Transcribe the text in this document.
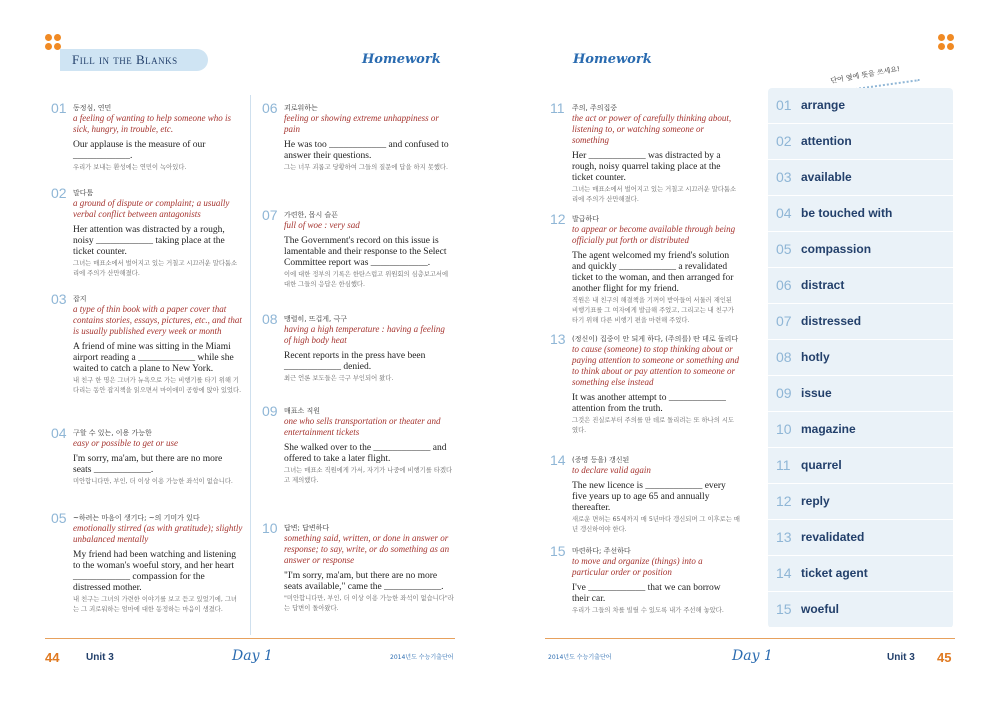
Fill in the Blanks	Homework
01 동정심, 연민
a feeling of wanting to help someone who is sick, hungry, in trouble, etc.
Our applause is the measure of our ____________.
우리가 보내는 환성에는 연민이 녹아있다.
02 말다툼
a ground of dispute or complaint; a usually verbal conflict between antagonists
Her attention was distracted by a rough, noisy ____________ taking place at the ticket counter.
그녀는 매표소에서 벌어지고 있는 거칠고 시끄러운 말다툼소리에 주의가 산만해졌다.
03 잡지
a type of thin book with a paper cover that contains stories, essays, pictures, etc., and that is usually published every week or month
A friend of mine was sitting in the Miami airport reading a ____________ while she waited to catch a plane to New York.
내 친구 한 명은 그녀가 뉴욕으로 가는 비행기를 타기 위해 기다리는 동안 잡지책을 읽으면서 마이애미 공항에 앉아 있었다.
04 구할 수 있는, 이용 가능한
easy or possible to get or use
I'm sorry, ma'am, but there are no more seats ____________.
미안합니다만, 부인, 더 이상 이용 가능한 좌석이 없습니다.
05 ~하려는 마음이 생기다; ~의 기미가 있다
emotionally stirred (as with gratitude); slightly unbalanced mentally
My friend had been watching and listening to the woman's woeful story, and her heart ____________ compassion for the distressed mother.
내 친구는 그녀의 가련한 이야기를 보고 듣고 있었기에, 그녀는 그 괴로워하는 엄마에 대한 동정하는 마음이 생겼다.
06 괴로워하는
feeling or showing extreme unhappiness or pain
He was too ____________ and confused to answer their questions.
그는 너무 괴롭고 당황하여 그들의 질문에 답을 하지 못했다.
07 가련한, 몹시 슬픈
full of woe : very sad
The Government's record on this issue is lamentable and their response to the Select Committee report was ____________.
이에 대한 정부의 기록은 한탄스럽고 위원회의 심층보고서에 대한 그들의 응답은 한심했다.
08 맹렬히, 뜨겁게, 극구
having a high temperature : having a feeling of high body heat
Recent reports in the press have been ____________ denied.
최근 언론 보도들은 극구 부인되어 왔다.
09 매표소 직원
one who sells transportation or theater and entertainment tickets
She walked over to the ____________ and offered to take a later flight.
그녀는 매표소 직원에게 가서, 자기가 나중에 비행기를 타겠다고 제의했다.
10 답변; 답변하다
something said, written, or done in answer or response; to say, write, or do something as an answer or response
"I'm sorry, ma'am, but there are no more seats available," came the ____________.
"미안합니다만, 부인, 더 이상 이용 가능한 좌석이 없습니다"라는 답변이 돌아왔다.
44	Unit 3	Day 1	2014년도 수능기출단어
Homework
단어 옆에 뜻을 쓰세요!
11 주의, 주의집중
the act or power of carefully thinking about, listening to, or watching someone or something
Her ____________ was distracted by a rough, noisy quarrel taking place at the ticket counter.
그녀는 매표소에서 벌어지고 있는 거칠고 시끄러운 말다툼소리에 주의가 산만해졌다.
12 발급하다
to appear or become available through being officially put forth or distributed
The agent welcomed my friend's solution and quickly ____________ a revalidated ticket to the woman, and then arranged for another flight for my friend.
직원은 내 친구의 해결책을 기꺼이 받아들여 서둘러 재인된 비행기표를 그 여자에게 발급해 주었고, 그리고는 내 친구가 타기 위해 다른 비행기 편을 마련해 주었다.
13 (정신이) 집중이 안 되게 하다, (주의를) 딴 데로 돌리다
to cause (someone) to stop thinking about or paying attention to someone or something and to think about or pay attention to someone or something else instead
It was another attempt to ____________ attention from the truth.
그것은 진실로부터 주의를 딴 데로 돌리려는 또 하나의 시도였다.
14 (증명 등을) 갱신된
to declare valid again
The new licence is ____________ every five years up to age 65 and annually thereafter.
새로운 면허는 65세까지 매 5년마다 갱신되며 그 이후로는 매년 갱신하여야 한다.
15 마련하다; 주선하다
to move and organize (things) into a particular order or position
I've ____________ that we can borrow their car.
우리가 그들의 차를 빌릴 수 있도록 내가 주선해 놓았다.
01 arrange
02 attention
03 available
04 be touched with
05 compassion
06 distract
07 distressed
08 hotly
09 issue
10 magazine
11 quarrel
12 reply
13 revalidated
14 ticket agent
15 woeful
2014년도 수능기출단어	Day 1	Unit 3 45
